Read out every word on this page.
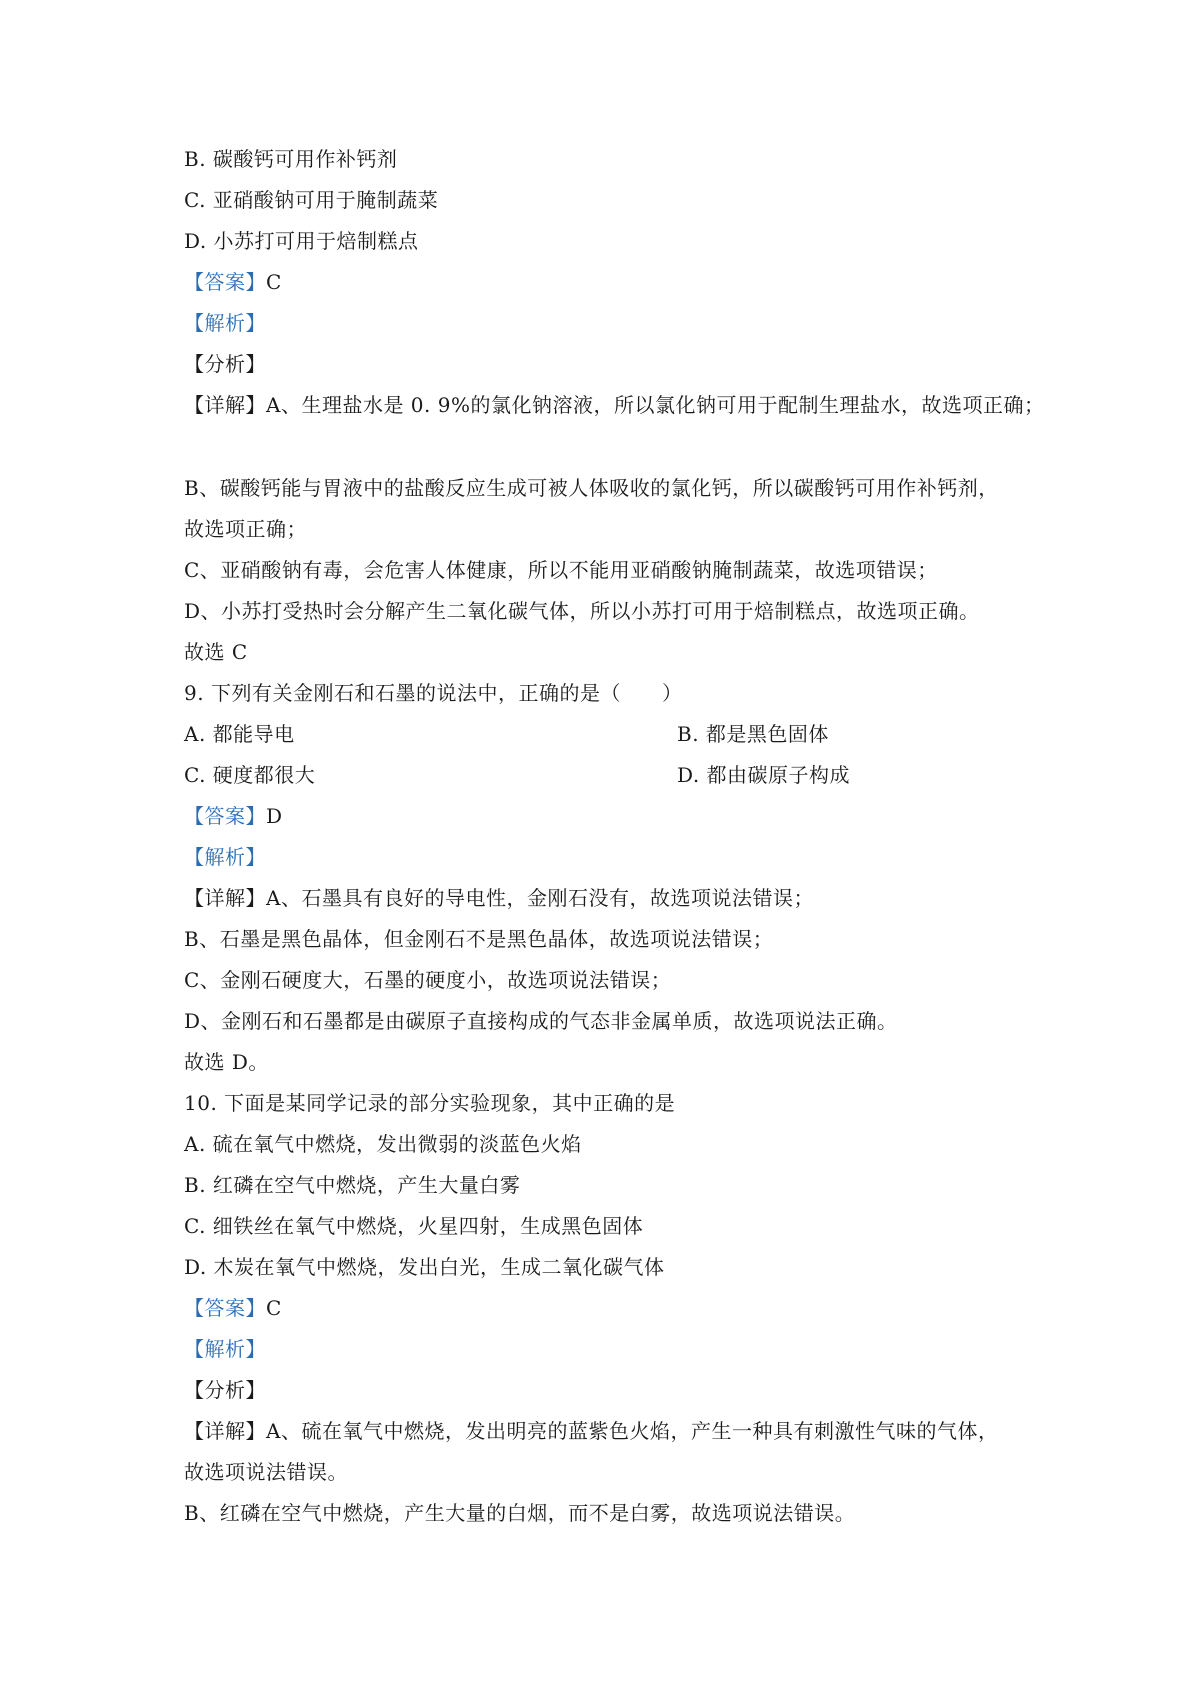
B. 碳酸钙可用作补钙剂
C. 亚硝酸钠可用于腌制蔬菜
D. 小苏打可用于焙制糕点
【答案】C
【解析】
【分析】
【详解】A、生理盐水是 0. 9%的氯化钠溶液，所以氯化钠可用于配制生理盐水，故选项正确；
B、碳酸钙能与胃液中的盐酸反应生成可被人体吸收的氯化钙，所以碳酸钙可用作补钙剂，
故选项正确；
C、亚硝酸钠有毒，会危害人体健康，所以不能用亚硝酸钠腌制蔬菜，故选项错误；
D、小苏打受热时会分解产生二氧化碳气体，所以小苏打可用于焙制糕点，故选项正确。
故选 C
9. 下列有关金刚石和石墨的说法中，正确的是（　　）
A. 都能导电	B. 都是黑色固体
C. 硬度都很大	D. 都由碳原子构成
【答案】D
【解析】
【详解】A、石墨具有良好的导电性，金刚石没有，故选项说法错误；
B、石墨是黑色晶体，但金刚石不是黑色晶体，故选项说法错误；
C、金刚石硬度大，石墨的硬度小，故选项说法错误；
D、金刚石和石墨都是由碳原子直接构成的气态非金属单质，故选项说法正确。
故选 D。
10. 下面是某同学记录的部分实验现象，其中正确的是
A. 硫在氧气中燃烧，发出微弱的淡蓝色火焰
B. 红磷在空气中燃烧，产生大量白雾
C. 细铁丝在氧气中燃烧，火星四射，生成黑色固体
D. 木炭在氧气中燃烧，发出白光，生成二氧化碳气体
【答案】C
【解析】
【分析】
【详解】A、硫在氧气中燃烧，发出明亮的蓝紫色火焰，产生一种具有刺激性气味的气体，
故选项说法错误。
B、红磷在空气中燃烧，产生大量的白烟，而不是白雾，故选项说法错误。
